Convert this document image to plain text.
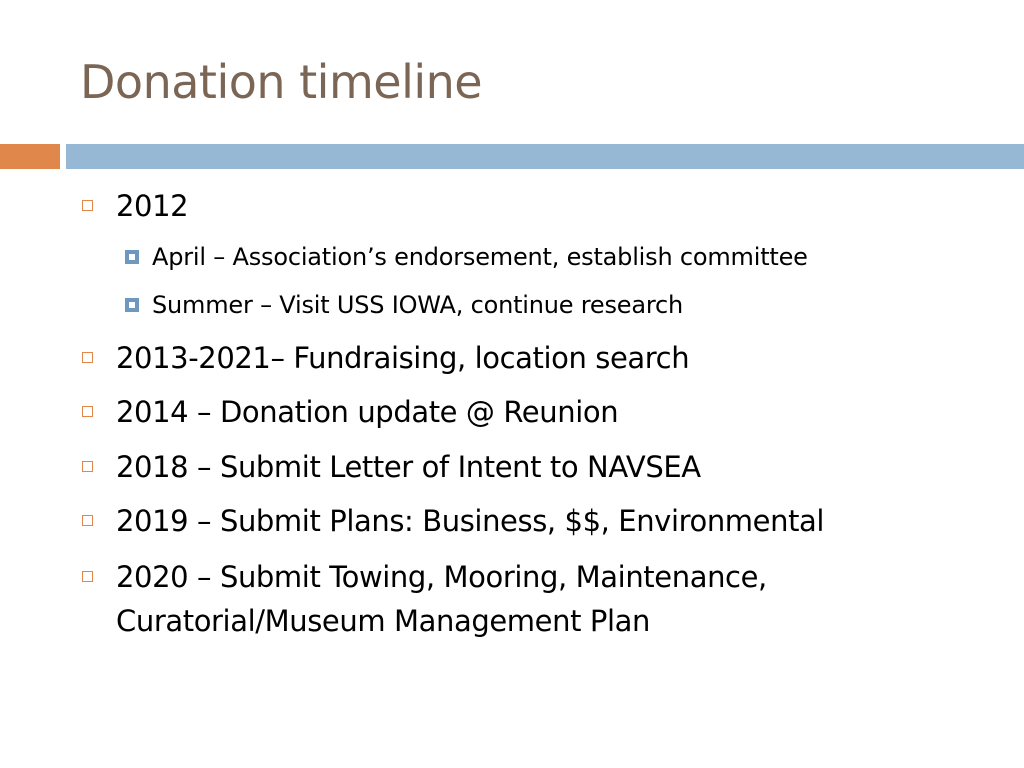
Donation timeline
2012
April – Association’s endorsement, establish committee
Summer – Visit USS IOWA, continue research
2013-2021– Fundraising, location search
2014 – Donation update @ Reunion
2018 – Submit Letter of Intent to NAVSEA
2019 – Submit Plans: Business, $$, Environmental
2020 – Submit Towing, Mooring, Maintenance,
Curatorial/Museum Management Plan
